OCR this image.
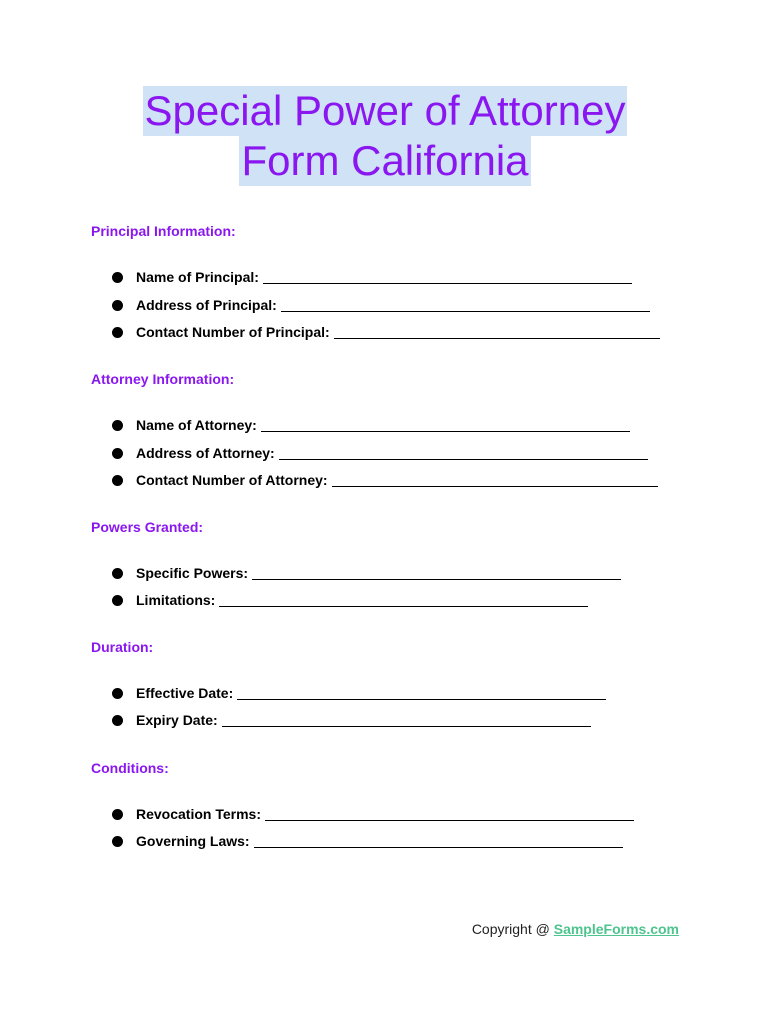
Special Power of Attorney
Form California
Principal Information:
Name of Principal:
Address of Principal:
Contact Number of Principal:
Attorney Information:
Name of Attorney:
Address of Attorney:
Contact Number of Attorney:
Powers Granted:
Specific Powers:
Limitations:
Duration:
Effective Date:
Expiry Date:
Conditions:
Revocation Terms:
Governing Laws:
Copyright @ SampleForms.com
